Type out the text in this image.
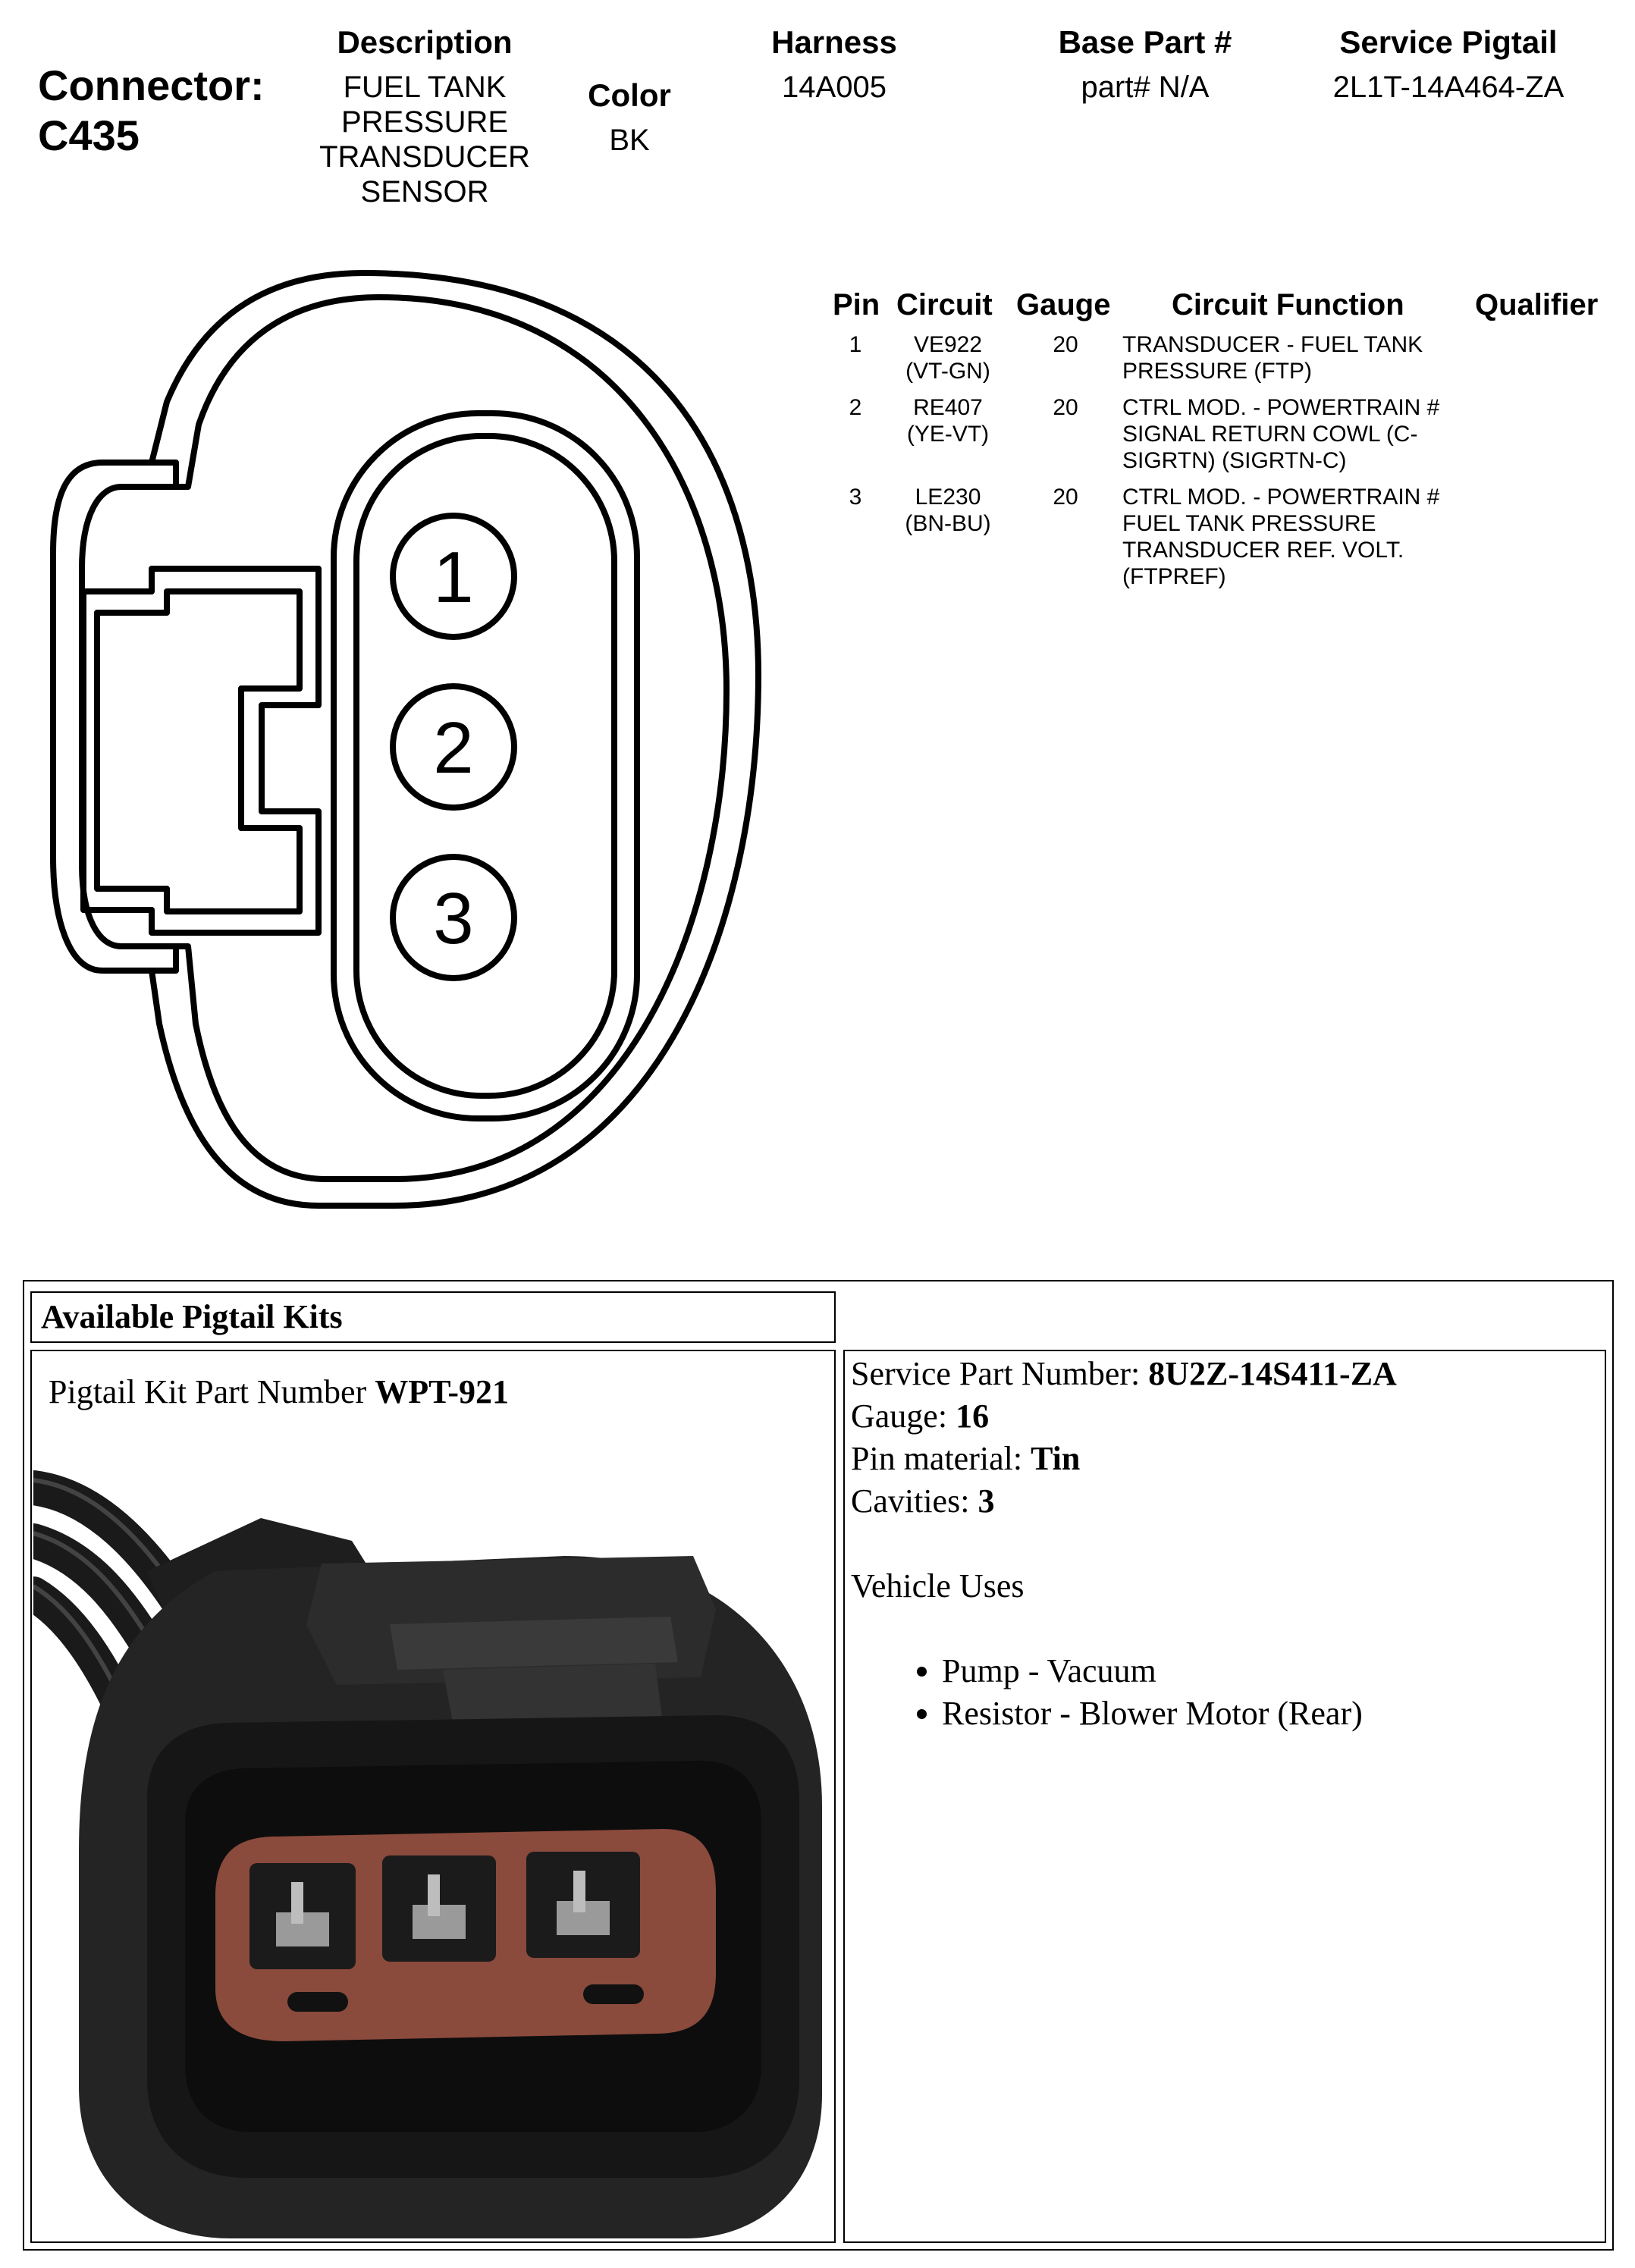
Connector:
C435
Description
FUEL TANK
PRESSURE
TRANSDUCER
SENSOR
Color
BK
Harness
14A005
Base Part #
part# N/A
Service Pigtail
2L1T-14A464-ZA
1
2
3
Pin Circuit Gauge Circuit Function Qualifier
1	VE922
(VT-GN)
20	TRANSDUCER - FUEL TANK
PRESSURE (FTP)
2	RE407
(YE-VT)
20	CTRL MOD. - POWERTRAIN #
SIGNAL RETURN COWL (C-
SIGRTN) (SIGRTN-C)
3	LE230
(BN-BU)
20	CTRL MOD. - POWERTRAIN #
FUEL TANK PRESSURE
TRANSDUCER REF. VOLT.
(FTPREF)
Available Pigtail Kits
Pigtail Kit Part Number WPT-921	Service Part Number: 8U2Z-14S411-ZA
Gauge: 16
Pin material: Tin
Cavities: 3
Vehicle Uses
• Pump - Vacuum
• Resistor - Blower Motor (Rear)
